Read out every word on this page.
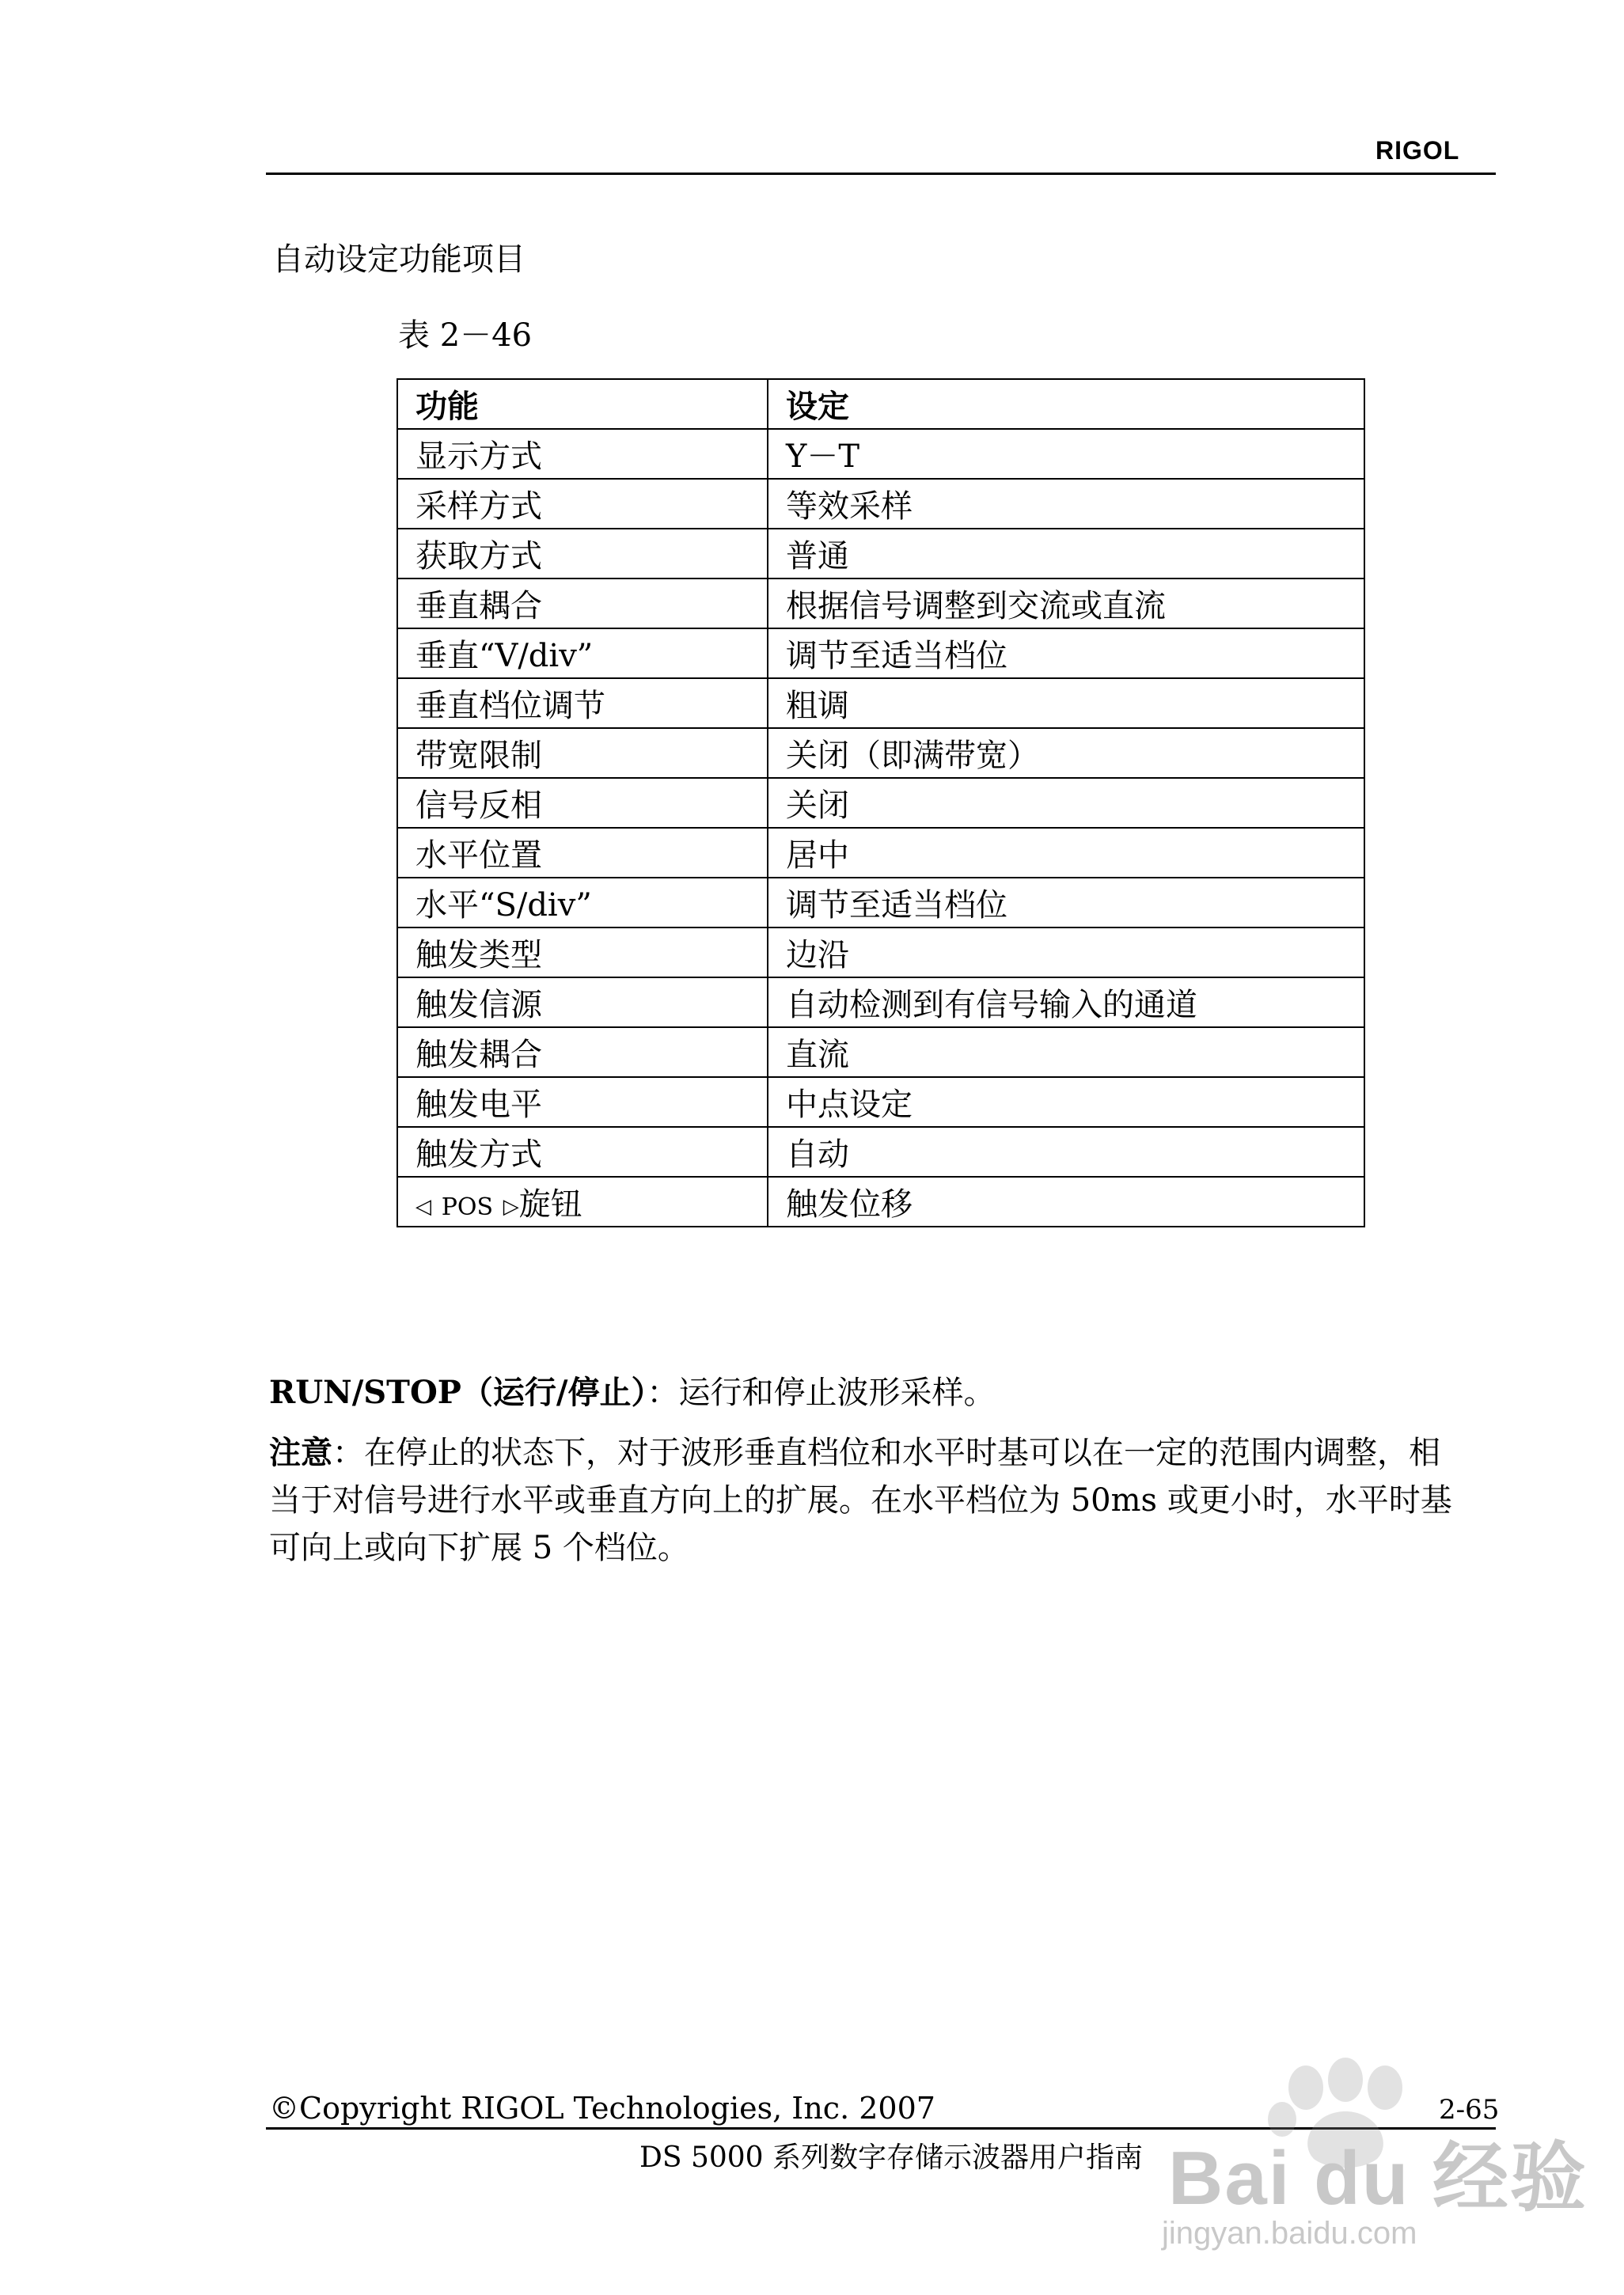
RIGOL
自动设定功能项目
表 2－46
功能	设定
显示方式	Y－T
采样方式	等效采样
获取方式	普通
垂直耦合	根据信号调整到交流或直流
垂直“V/div”	调节至适当档位
垂直档位调节	粗调
带宽限制	关闭（即满带宽）
信号反相	关闭
水平位置	居中
水平“S/div”	调节至适当档位
触发类型	边沿
触发信源	自动检测到有信号输入的通道
触发耦合	直流
触发电平	中点设定
触发方式	自动
◁ POS ▷旋钮	触发位移
RUN/STOP（运行/停止）：运行和停止波形采样。
注意：在停止的状态下，对于波形垂直档位和水平时基可以在一定的范围内调整，相当于对信号进行水平或垂直方向上的扩展。在水平档位为 50ms 或更小时，水平时基可向上或向下扩展 5 个档位。
©Copyright RIGOL Technologies, Inc. 2007	2-65
DS 5000 系列数字存储示波器用户指南 Bai du 经验
jingyan.baidu.com
